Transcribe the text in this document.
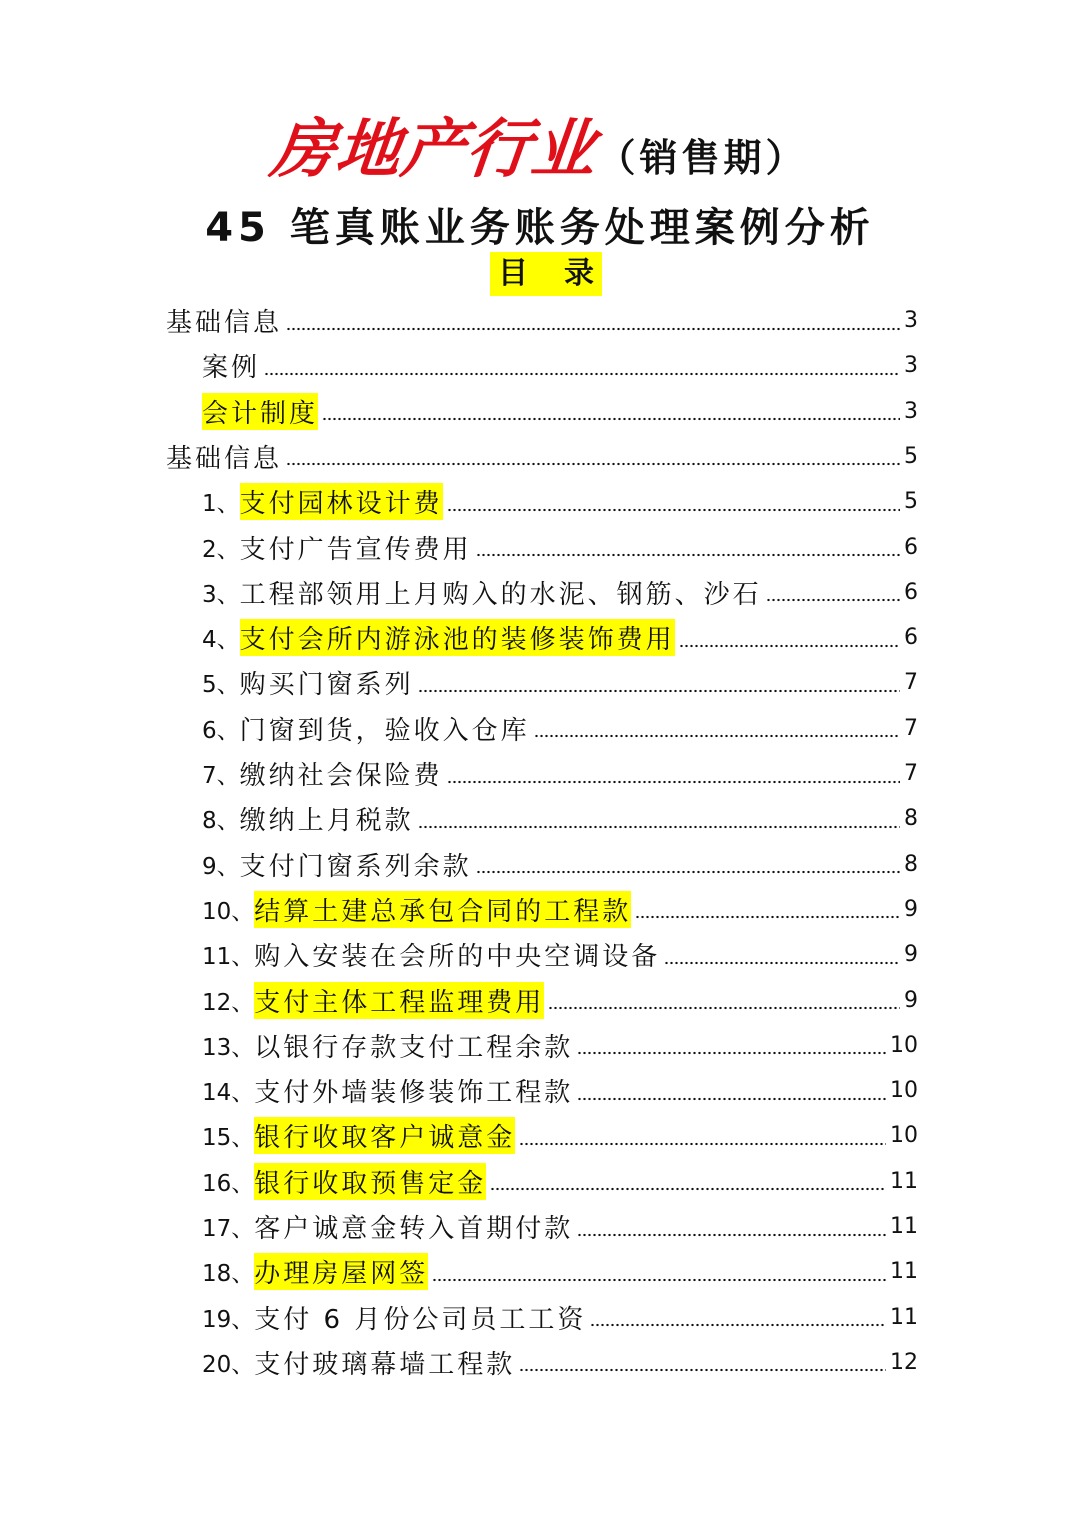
房地产行业（销售期）
45 笔真账业务账务处理案例分析
目 录
基础信息	3
案例	3
会计制度	3
基础信息	5
1、 支付园林设计费	5
2、 支付广告宣传费用	6
3、 工程部领用上月购入的水泥、钢筋、沙石	6
4、 支付会所内游泳池的装修装饰费用	6
5、 购买门窗系列	7
6、 门窗到货，验收入仓库	7
7、 缴纳社会保险费	7
8、 缴纳上月税款	8
9、 支付门窗系列余款	8
10、 结算土建总承包合同的工程款	9
11、 购入安装在会所的中央空调设备	9
12、 支付主体工程监理费用	9
13、 以银行存款支付工程余款	10
14、 支付外墙装修装饰工程款	10
15、 银行收取客户诚意金	10
16、 银行收取预售定金	11
17、 客户诚意金转入首期付款	11
18、 办理房屋网签	11
19、 支付 6 月份公司员工工资	11
20、 支付玻璃幕墙工程款	12
